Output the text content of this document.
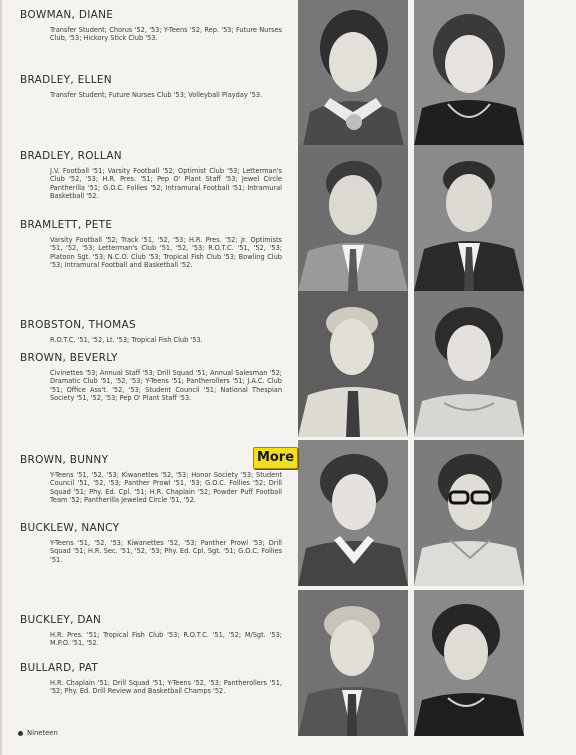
BOWMAN, DIANE
Transfer Student; Chorus '52, '53; Y-Teens '52, Rep. '53; Future Nurses Club, '53; Hickory Stick Club '53.
BRADLEY, ELLEN
Transfer Student; Future Nurses Club '53; Volleyball Playday '53.
BRADLEY, ROLLAN
J.V. Football '51; Varsity Football '52; Optimist Club '53; Letterman's Club '52, '53; H.R. Pres. '51; Pep O' Plant Staff '53; Jewel Circle Pantherilla '51; G.O.C. Follies '52; Intramural Football '51; Intramural Basketball '52.
BRAMLETT, PETE
Varsity Football '52; Track '51, '52, '53; H.R. Pres. '52; Jr. Optimists '51, '52, '53; Letterman's Club '51, '52, '53; R.O.T.C. '51, '52, '53; Platoon Sgt. '53; N.C.O. Club '53; Tropical Fish Club '53; Bowling Club '53; Intramural Football and Basketball '52.
BROBSTON, THOMAS
R.O.T.C. '51, '52, Lt. '53; Tropical Fish Club '53.
BROWN, BEVERLY
Civinettes '53; Annual Staff '53; Drill Squad '51; Annual Salesman '52; Dramatic Club '51, '52, '53; Y-Teens '51; Pantherollers '51; J.A.C. Club '51; Office Ass't. '52, '53; Student Council '51; National Thespian Society '51, '52, '53; Pep O' Plant Staff '53.
BROWN, BUNNY
Y-Teens '51, '52, '53; Kiwanettes '52, '53; Honor Society '53; Student Council '51, '52, '53; Panther Prowl '51, '53; G.O.C. Follies '52; Drill Squad '51; Phy. Ed. Cpl. '51; H.R. Chaplain '52; Powder Puff Football Team '52; Pantherilla Jeweled Circle '51, '52.
BUCKLEW, NANCY
Y-Teens '51, '52, '53; Kiwanettes '52, '53; Panther Prowl '53; Drill Squad '51; H.R. Sec. '51, '52, '53; Phy. Ed. Cpl. Sgt. '51; G.O.C. Follies '51.
BUCKLEY, DAN
H.R. Pres. '51; Tropical Fish Club '53; R.O.T.C. '51, '52; M/Sgt. '53; M.P.O. '51, '52.
BULLARD, PAT
H.R. Chaplain '51; Drill Squad '51; Y-Teens '52, '53; Pantherollers '51, '52; Phy. Ed. Drill Review and Basketball Champs '52.
More
Nineteen
